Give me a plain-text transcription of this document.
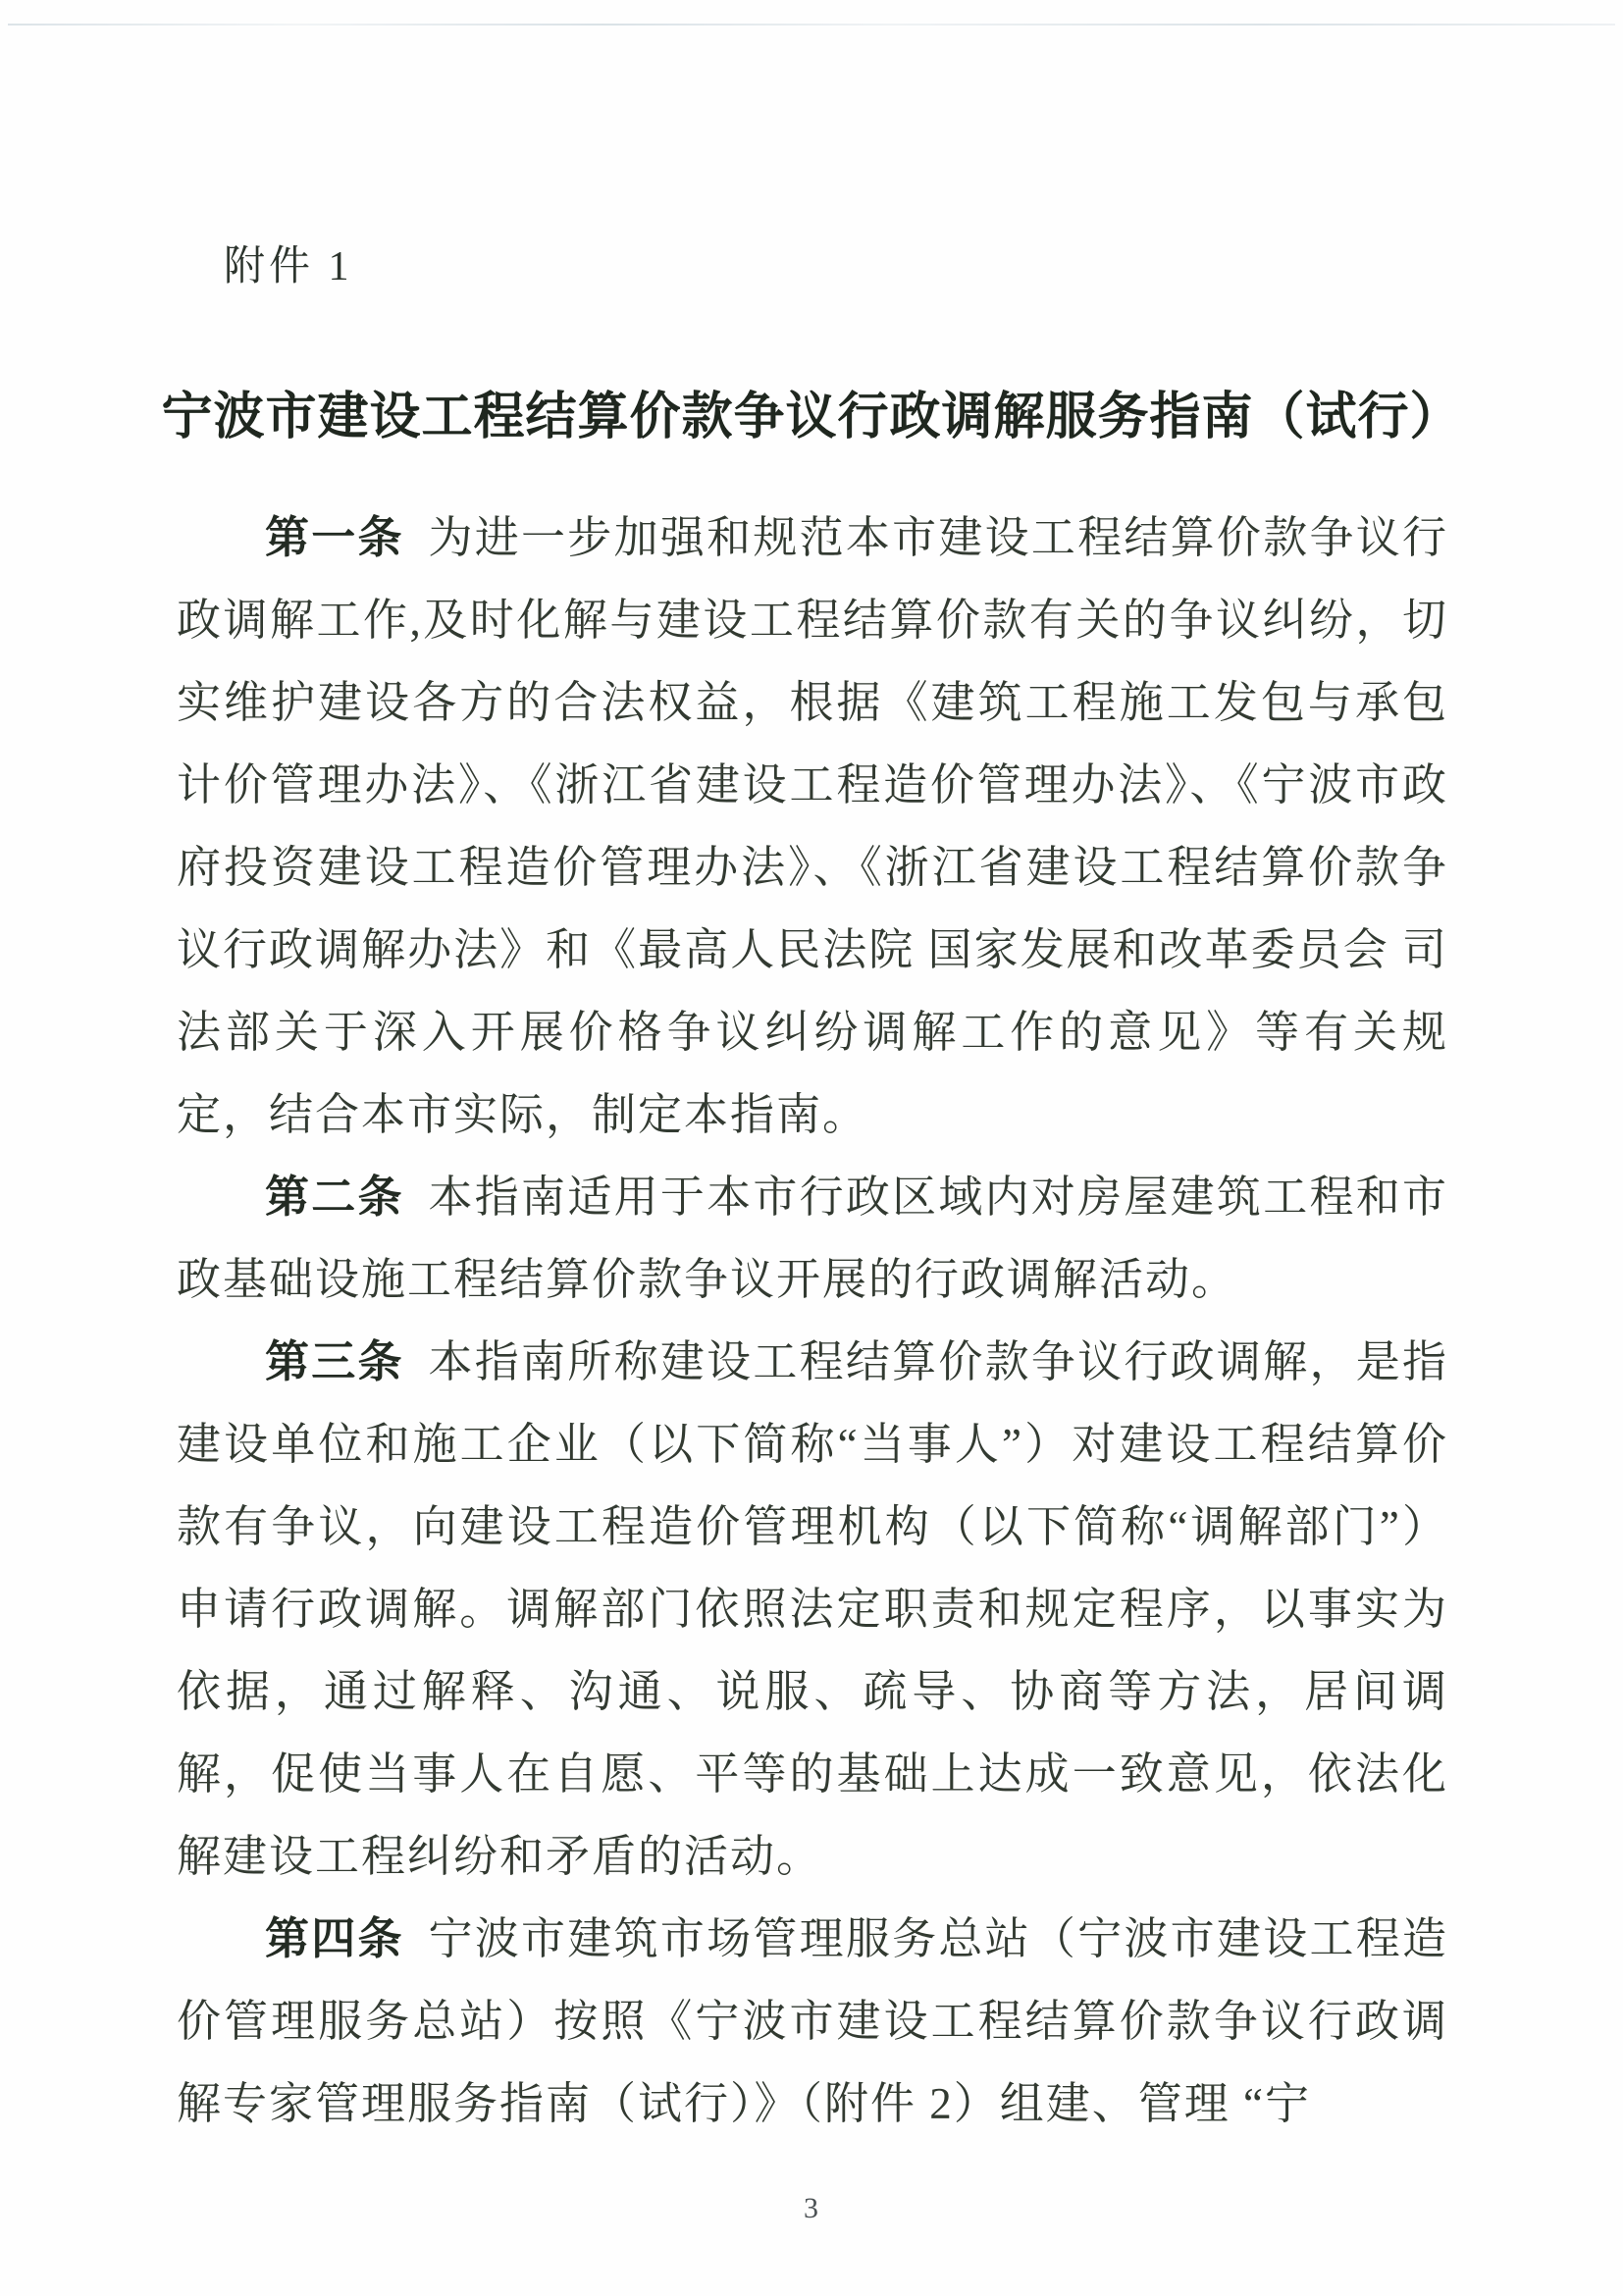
附件 1
宁波市建设工程结算价款争议行政调解服务指南（试行）

第一条 为进一步加强和规范本市建设工程结算价款争议行政调解工作,及时化解与建设工程结算价款有关的争议纠纷，切实维护建设各方的合法权益，根据《建筑工程施工发包与承包计价管理办法》、《浙江省建设工程造价管理办法》、《宁波市政府投资建设工程造价管理办法》、《浙江省建设工程结算价款争议行政调解办法》和《最高人民法院 国家发展和改革委员会 司法部关于深入开展价格争议纠纷调解工作的意见》等有关规定，结合本市实际，制定本指南。

第二条 本指南适用于本市行政区域内对房屋建筑工程和市政基础设施工程结算价款争议开展的行政调解活动。

第三条 本指南所称建设工程结算价款争议行政调解，是指建设单位和施工企业（以下简称“当事人”）对建设工程结算价款有争议，向建设工程造价管理机构（以下简称“调解部门”）申请行政调解。调解部门依照法定职责和规定程序，以事实为依据，通过解释、沟通、说服、疏导、协商等方法，居间调解，促使当事人在自愿、平等的基础上达成一致意见，依法化解建设工程纠纷和矛盾的活动。

第四条 宁波市建筑市场管理服务总站（宁波市建设工程造价管理服务总站）按照《宁波市建设工程结算价款争议行政调解专家管理服务指南（试行）》（附件 2）组建、管理 “宁

3
